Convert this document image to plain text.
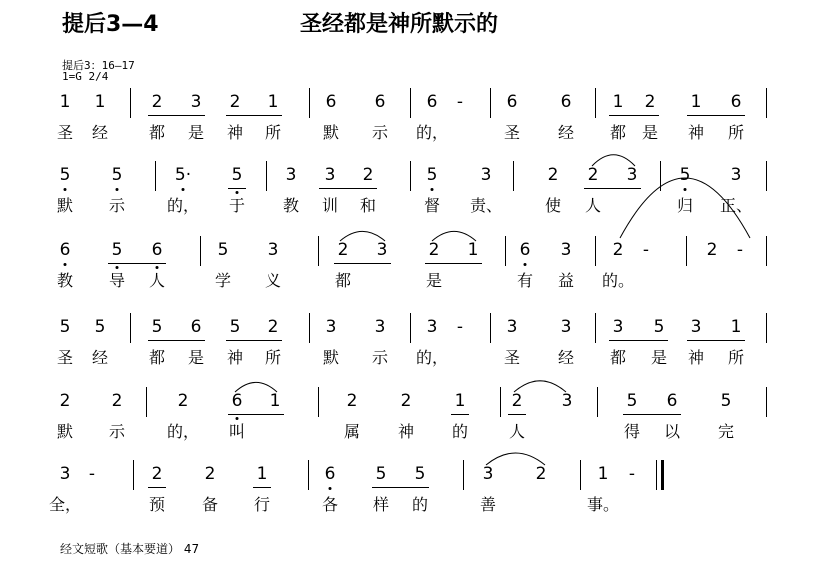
提后3—4	圣经都是神所默示的
提后3：16—17
1=G 2/4
1 1	2 3 2 1	6 6 6 -	6	6 1 2 1 6
圣 经	都 是 神 所	默 示 的，	圣 经 都 是 神 所
5 5	5· 5	3 3 2	5	3	2 2 3 5 3
默 示	的， 于 教 训 和	督 责、	使 人	归 正、
6 5 6	5 3	2 3 2 1 6 3 2 -	2 -
教 导 人	学 义	都	是	有 益 的。
5 5	5 6 5 2	3 3 3 -	3	3 3 5 3 1
圣 经	都 是 神 所	默 示 的，	圣 经 都 是 神 所
2 2	2	6 1	2	2	1	2 3	5 6	5
默 示	的， 叫	属 神 的	人	得 以 完
3 -	2 2 1	6 5 5	3 2	1 -
全，	预 备 行	各 样 的	善	事。
经文短歌（基本要道） 47
